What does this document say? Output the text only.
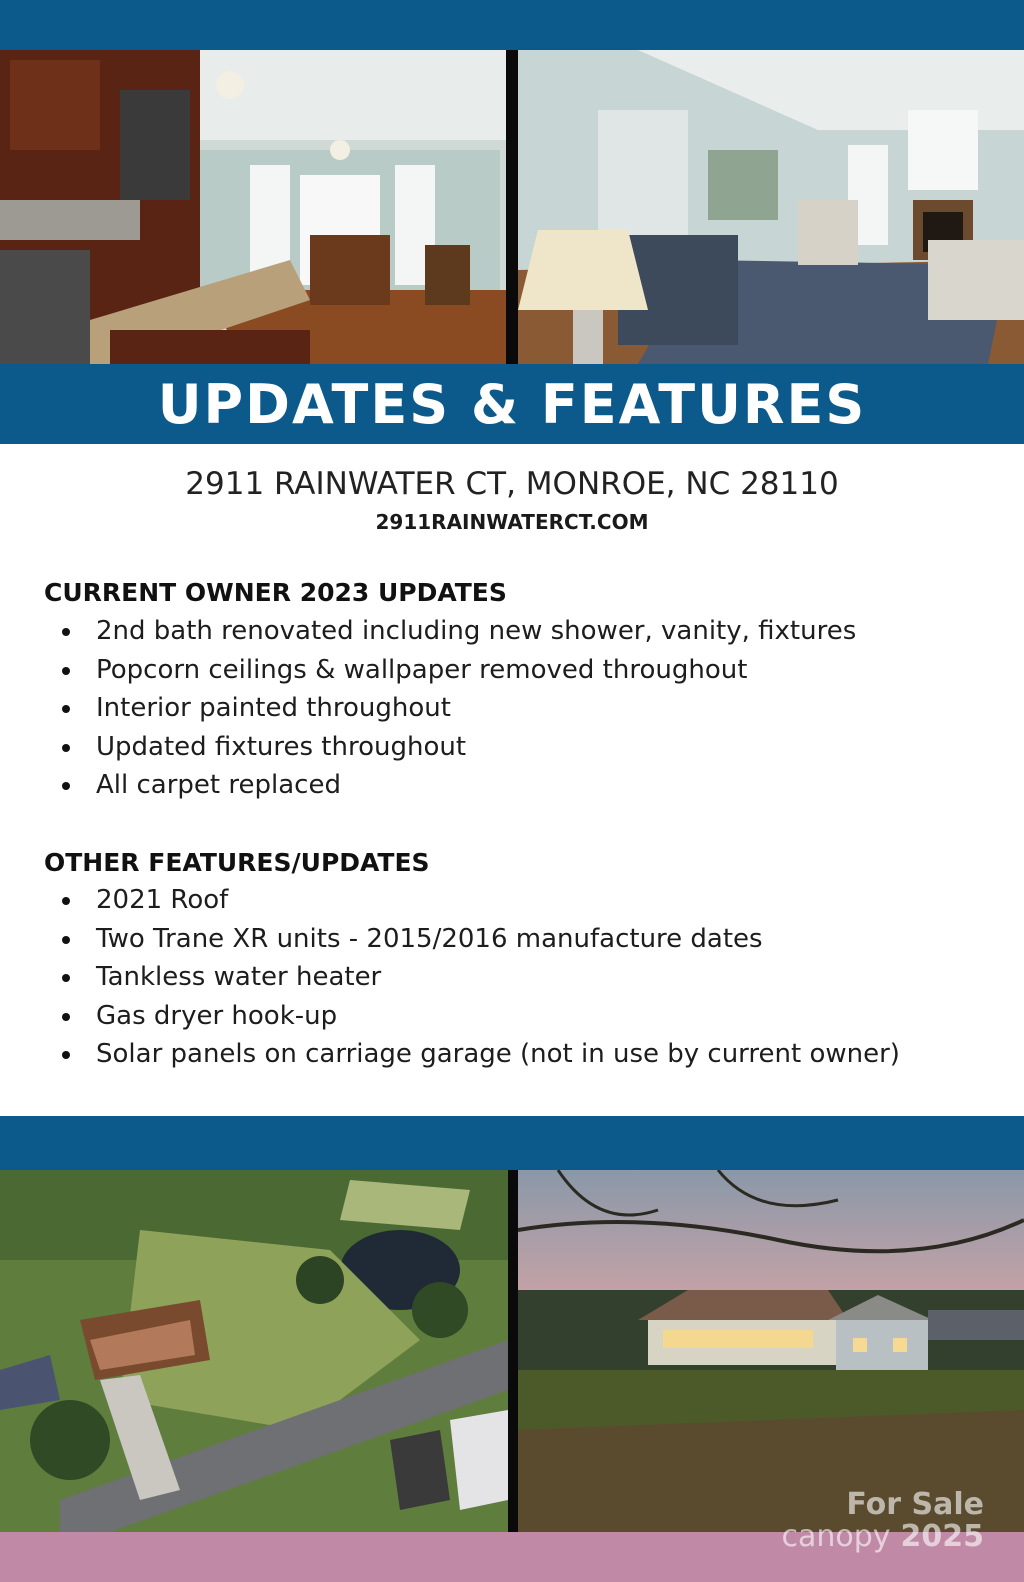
UPDATES & FEATURES
2911 RAINWATER CT, MONROE, NC 28110
2911RAINWATERCT.COM
CURRENT OWNER 2023 UPDATES
2nd bath renovated including new shower, vanity, fixtures
Popcorn ceilings & wallpaper removed throughout
Interior painted throughout
Updated fixtures throughout
All carpet replaced
OTHER FEATURES/UPDATES
2021 Roof
Two Trane XR units - 2015/2016 manufacture dates
Tankless water heater
Gas dryer hook-up
Solar panels on carriage garage (not in use by current owner)
For Sale
canopy 2025
